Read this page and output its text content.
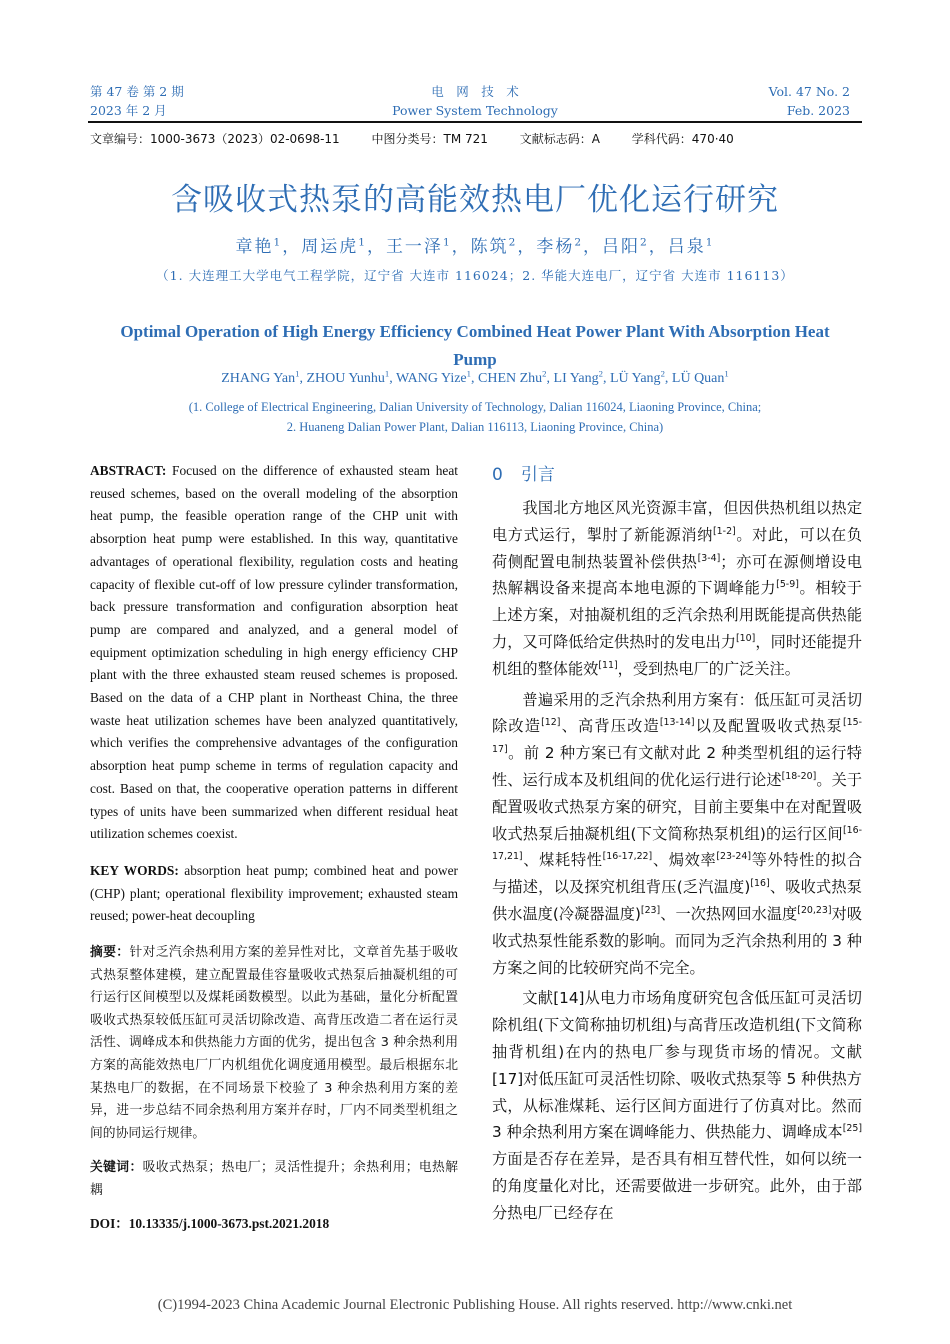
第 47 卷 第 2 期
2023 年 2 月
电　网　技　术
Power System Technology
Vol. 47 No. 2
Feb. 2023
文章编号：1000-3673（2023）02-0698-11	中图分类号：TM 721	文献标志码：A	学科代码：470·40
含吸收式热泵的高能效热电厂优化运行研究
章艳$^1$，周运虎$^1$，王一泽$^1$，陈筑$^2$，李杨$^2$，吕阳$^2$，吕泉$^1$
（1. 大连理工大学电气工程学院，辽宁省 大连市 116024；2. 华能大连电厂，辽宁省 大连市 116113）
Optimal Operation of High Energy Efficiency Combined Heat Power Plant With Absorption Heat Pump
ZHANG Yan$^1$, ZHOU Yunhu$^1$, WANG Yize$^1$, CHEN Zhu$^2$, LI Yang$^2$, LÜ Yang$^2$, LÜ Quan$^1$
(1. College of Electrical Engineering, Dalian University of Technology, Dalian 116024, Liaoning Province, China;
2. Huaneng Dalian Power Plant, Dalian 116113, Liaoning Province, China)

ABSTRACT: Focused on the difference of exhausted steam heat reused schemes, based on the overall modeling of the absorption heat pump, the feasible operation range of the CHP unit with absorption heat pump were established. In this way, quantitative advantages of operational flexibility, regulation costs and heating capacity of flexible cut-off of low pressure cylinder transformation, back pressure transformation and configuration absorption heat pump are compared and analyzed, and a general model of equipment optimization scheduling in high energy efficiency CHP plant with the three exhausted steam reused schemes is proposed. Based on the data of a CHP plant in Northeast China, the three waste heat utilization schemes have been analyzed quantitatively, which verifies the comprehensive advantages of the configuration absorption heat pump scheme in terms of regulation capacity and cost. Based on that, the cooperative operation patterns in different types of units have been summarized when different residual heat utilization schemes coexist.

KEY WORDS: absorption heat pump; combined heat and power (CHP) plant; operational flexibility improvement; exhausted steam reused; power-heat decoupling

摘要：针对乏汽余热利用方案的差异性对比，文章首先基于吸收式热泵整体建模，建立配置最佳容量吸收式热泵后抽凝机组的可行运行区间模型以及煤耗函数模型。以此为基础，量化分析配置吸收式热泵较低压缸可灵活切除改造、高背压改造二者在运行灵活性、调峰成本和供热能力方面的优劣，提出包含 3 种余热利用方案的高能效热电厂厂内机组优化调度通用模型。最后根据东北某热电厂的数据，在不同场景下校验了 3 种余热利用方案的差异，进一步总结不同余热利用方案并存时，厂内不同类型机组之间的协同运行规律。

关键词：吸收式热泵；热电厂；灵活性提升；余热利用；电热解耦

DOI：10.13335/j.1000-3673.pst.2021.2018

0 引言

我国北方地区风光资源丰富，但因供热机组以热定电方式运行，掣肘了新能源消纳[1-2]。对此，可以在负荷侧配置电制热装置补偿供热[3-4]；亦可在源侧增设电热解耦设备来提高本地电源的下调峰能力[5-9]。相较于上述方案，对抽凝机组的乏汽余热利用既能提高供热能力，又可降低给定供热时的发电出力[10]，同时还能提升机组的整体能效[11]，受到热电厂的广泛关注。

普遍采用的乏汽余热利用方案有：低压缸可灵活切除改造[12]、高背压改造[13-14]以及配置吸收式热泵[15-17]。前 2 种方案已有文献对此 2 种类型机组的运行特性、运行成本及机组间的优化运行进行论述[18-20]。关于配置吸收式热泵方案的研究，目前主要集中在对配置吸收式热泵后抽凝机组(下文简称热泵机组)的运行区间[16-17,21]、煤耗特性[16-17,22]、焗效率[23-24]等外特性的拟合与描述，以及探究机组背压(乏汽温度)[16]、吸收式热泵供水温度(冷凝器温度)[23]、一次热网回水温度[20,23]对吸收式热泵性能系数的影响。而同为乏汽余热利用的 3 种方案之间的比较研究尚不完全。

文献[14]从电力市场角度研究包含低压缸可灵活切除机组(下文简称抽切机组)与高背压改造机组(下文简称抽背机组)在内的热电厂参与现货市场的情况。文献[17]对低压缸可灵活性切除、吸收式热泵等 5 种供热方式，从标准煤耗、运行区间方面进行了仿真对比。然而 3 种余热利用方案在调峰能力、供热能力、调峰成本[25]方面是否存在差异，是否具有相互替代性，如何以统一的角度量化对比，还需要做进一步研究。此外，由于部分热电厂已经存在

(C)1994-2023 China Academic Journal Electronic Publishing House. All rights reserved. http://www.cnki.net
